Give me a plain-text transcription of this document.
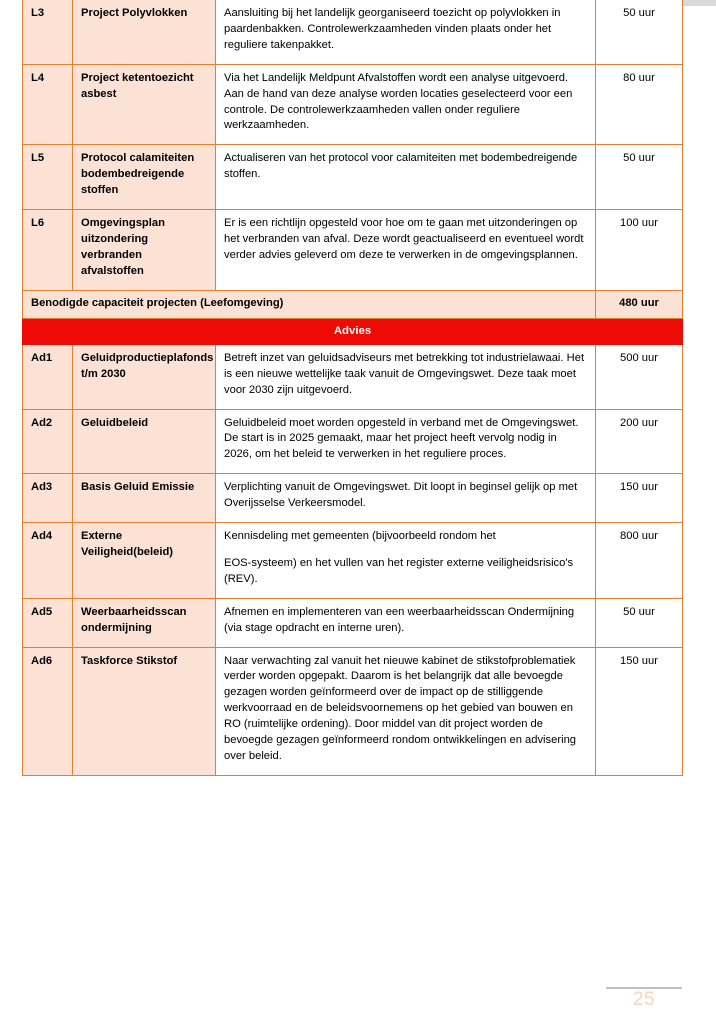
L3	Project Polyvlokken	Aansluiting bij het landelijk georganiseerd toezicht op polyvlokken in paardenbakken. Controlewerkzaamheden vinden plaats onder het reguliere takenpakket.	50 uur
L4	Project ketentoezicht asbest	Via het Landelijk Meldpunt Afvalstoffen wordt een analyse uitgevoerd. Aan de hand van deze analyse worden locaties geselecteerd voor een controle. De controlewerkzaamheden vallen onder reguliere werkzaamheden.	80 uur
L5	Protocol calamiteiten bodembedreigende stoffen	Actualiseren van het protocol voor calamiteiten met bodembedreigende stoffen.	50 uur
L6	Omgevingsplan uitzondering verbranden afvalstoffen	Er is een richtlijn opgesteld voor hoe om te gaan met uitzonderingen op het verbranden van afval. Deze wordt geactualiseerd en eventueel wordt verder advies geleverd om deze te verwerken in de omgevingsplannen.	100 uur
Benodigde capaciteit projecten (Leefomgeving)			480 uur
Advies			
Ad1	Geluidproductieplafonds t/m 2030	Betreft inzet van geluidsadviseurs met betrekking tot industrielawaai. Het is een nieuwe wettelijke taak vanuit de Omgevingswet. Deze taak moet voor 2030 zijn uitgevoerd.	500 uur
Ad2	Geluidbeleid	Geluidbeleid moet worden opgesteld in verband met de Omgevingswet. De start is in 2025 gemaakt, maar het project heeft vervolg nodig in 2026, om het beleid te verwerken in het reguliere proces.	200 uur
Ad3	Basis Geluid Emissie	Verplichting vanuit de Omgevingswet. Dit loopt in beginsel gelijk op met Overijsselse Verkeersmodel.	150 uur
Ad4	Externe Veiligheid(beleid)	Kennisdeling met gemeenten (bijvoorbeeld rondom het

EOS-systeem) en het vullen van het register externe veiligheidsrisico's (REV).	800 uur
Ad5	Weerbaarheidsscan ondermijning	Afnemen en implementeren van een weerbaarheidsscan Ondermijning (via stage opdracht en interne uren).	50 uur
Ad6	Taskforce Stikstof	Naar verwachting zal vanuit het nieuwe kabinet de stikstofproblematiek verder worden opgepakt. Daarom is het belangrijk dat alle bevoegde gezagen worden geïnformeerd over de impact op de stilliggende werkvoorraad en de beleidsvoornemens op het gebied van bouwen en RO (ruimtelijke ordening). Door middel van dit project worden de bevoegde gezagen geïnformeerd rondom ontwikkelingen en advisering over beleid.	150 uur
25
